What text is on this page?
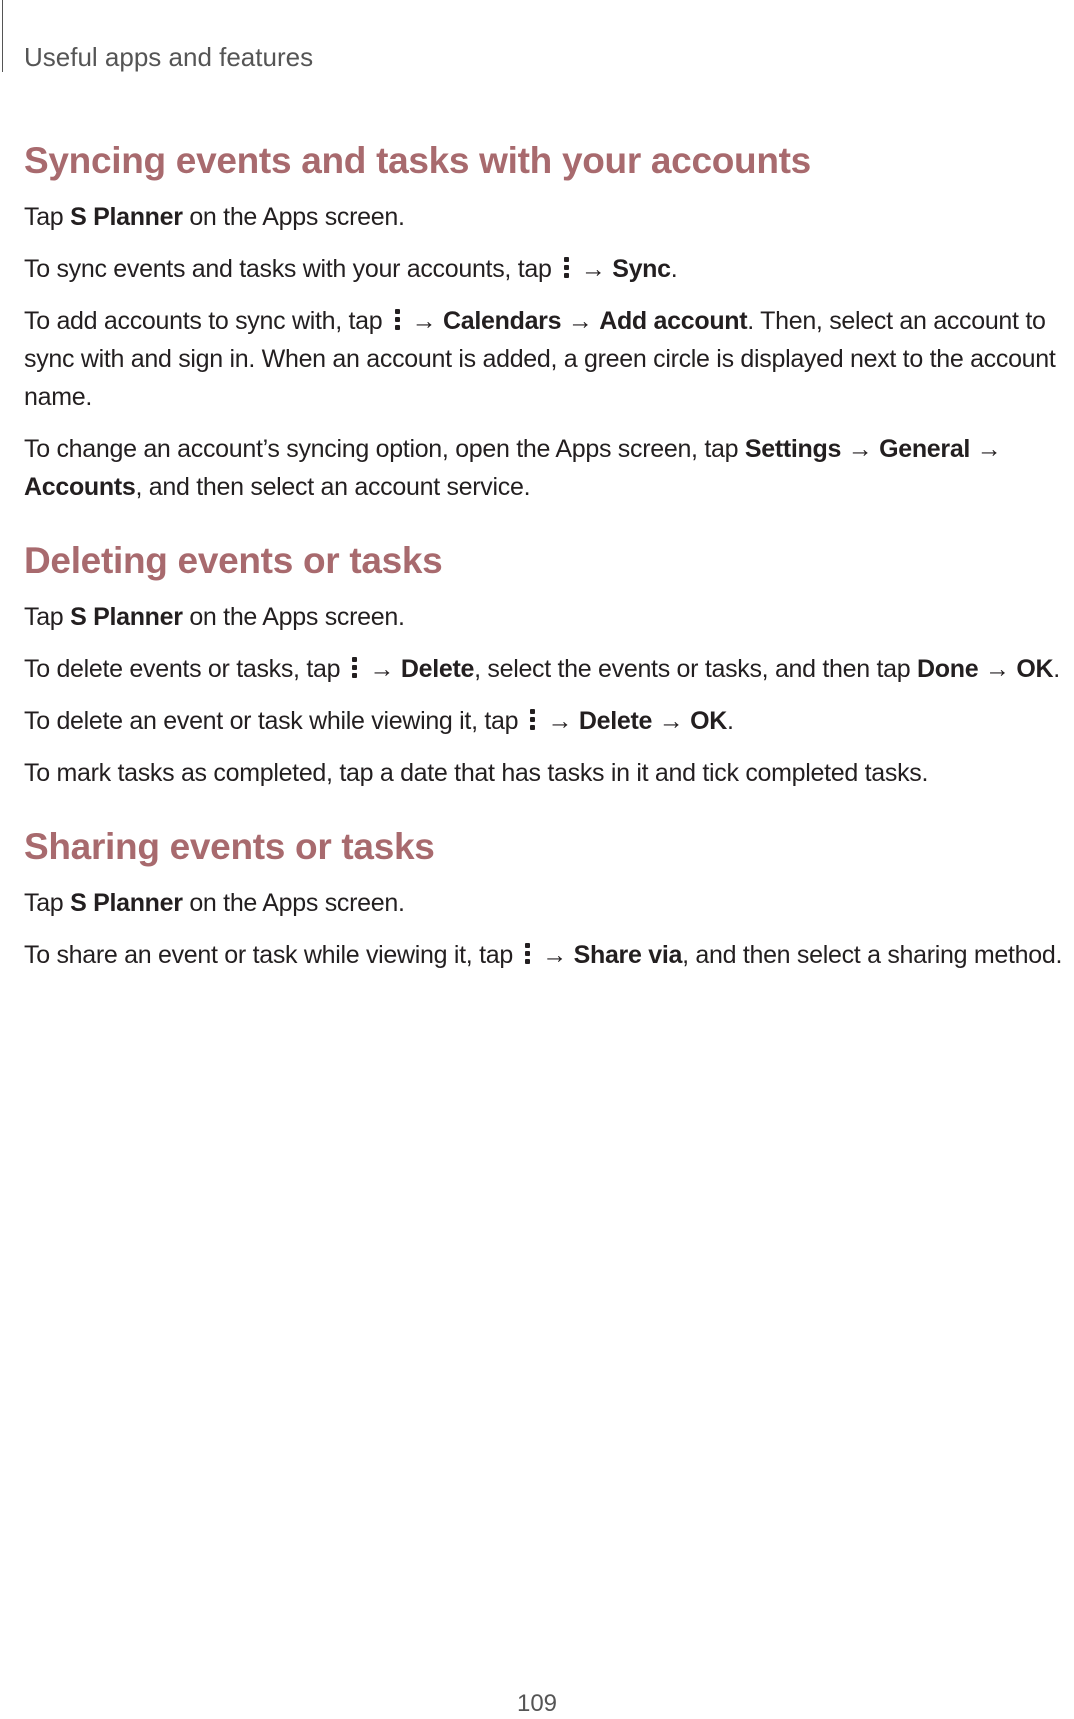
Useful apps and features
Syncing events and tasks with your accounts

Tap S Planner on the Apps screen.

To sync events and tasks with your accounts, tap
→ Sync.

To add accounts to sync with, tap
→ Calendars → Add account. Then, select an account to sync with and sign in. When an account is added, a green circle is displayed next to the account name.

To change an account’s syncing option, open the Apps screen, tap Settings → General → Accounts, and then select an account service.

Deleting events or tasks

Tap S Planner on the Apps screen.

To delete events or tasks, tap
→ Delete, select the events or tasks, and then tap Done → OK.

To delete an event or task while viewing it, tap
→ Delete → OK.

To mark tasks as completed, tap a date that has tasks in it and tick completed tasks.

Sharing events or tasks

Tap S Planner on the Apps screen.

To share an event or task while viewing it, tap
→ Share via, and then select a sharing method.

109
